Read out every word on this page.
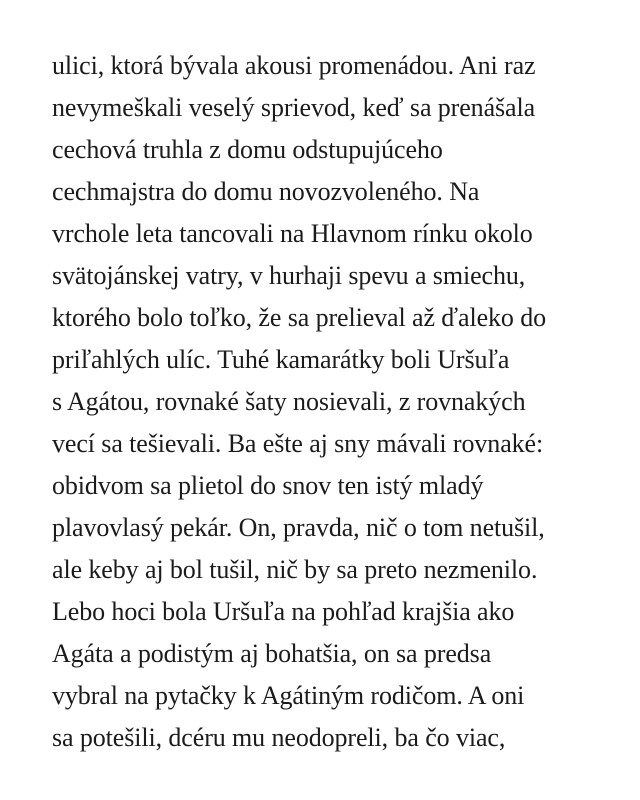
ulici, ktorá bývala akousi promenádou. Ani raz
nevymeškali veselý sprievod, keď sa prenášala
cechová truhla z domu odstupujúceho
cechmajstra do domu novozvoleného. Na
vrchole leta tancovali na Hlavnom rínku okolo
svätojánskej vatry, v hurhaji spevu a smiechu,
ktorého bolo toľko, že sa prelieval až ďaleko do
priľahlých ulíc. Tuhé kamarátky boli Uršuľa
s Agátou, rovnaké šaty nosievali, z rovnakých
vecí sa tešievali. Ba ešte aj sny mávali rovnaké:
obidvom sa plietol do snov ten istý mladý
plavovlasý pekár. On, pravda, nič o tom netušil,
ale keby aj bol tušil, nič by sa preto nezmenilo.
Lebo hoci bola Uršuľa na pohľad krajšia ako
Agáta a podistým aj bohatšia, on sa predsa
vybral na pytačky k Agátiným rodičom. A oni
sa potešili, dcéru mu neodopreli, ba čo viac,
